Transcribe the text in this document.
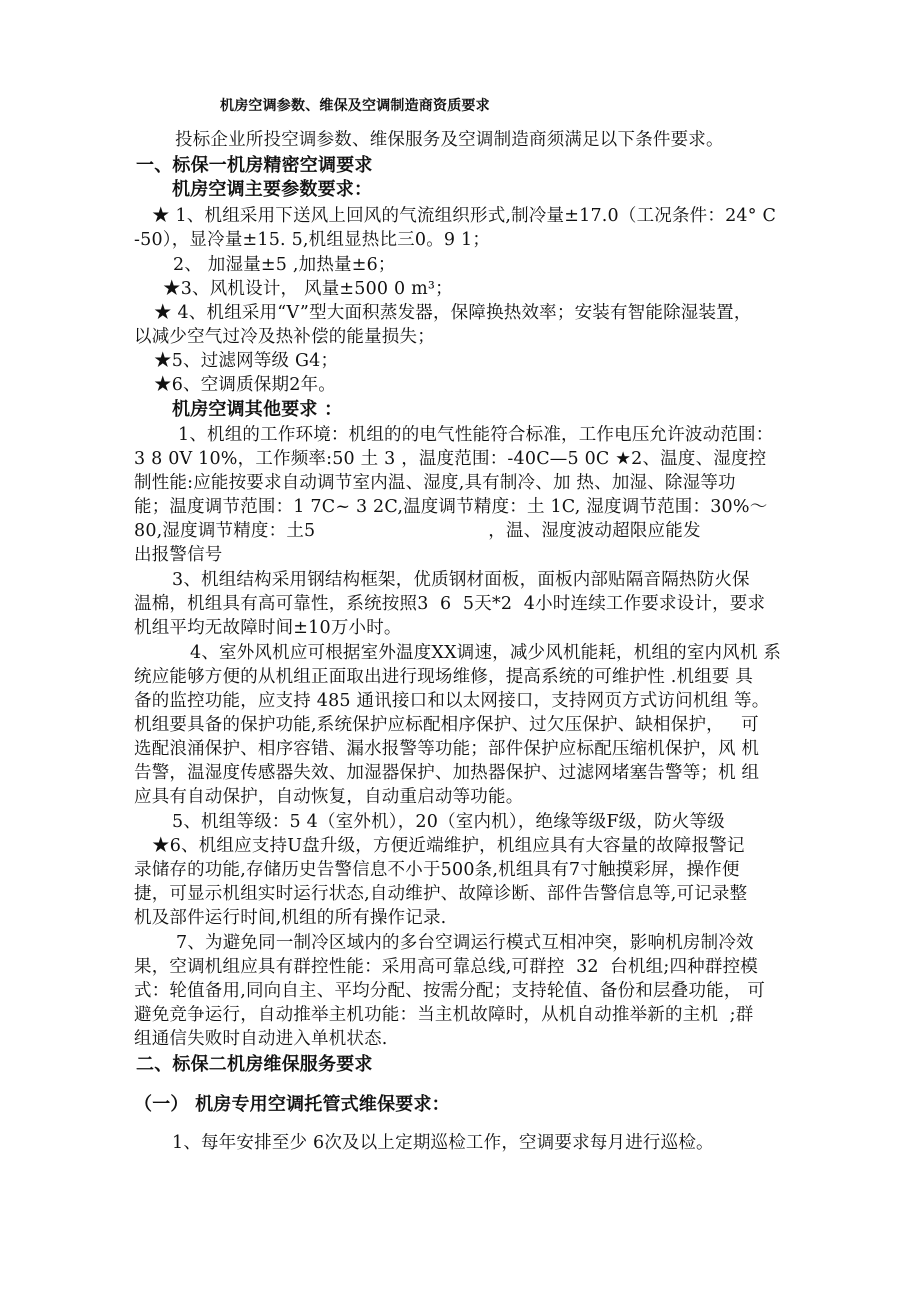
机房空调参数、维保及空调制造商资质要求
投标企业所投空调参数、维保服务及空调制造商须满足以下条件要求。
一、标保一机房精密空调要求
机房空调主要参数要求：
★ 1、机组采用下送风上回风的气流组织形式,制冷量±17.0（工况条件：24° C
-50），显冷量±15. 5,机组显热比三0。9 1；
2、 加湿量±5 ,加热量±6；
★3、风机设计， 风量±500 0 m³；
★ 4、机组采用“V”型大面积蒸发器，保障换热效率；安装有智能除湿装置，
以减少空气过冷及热补偿的能量损失；
★5、过滤网等级 G4；
★6、空调质保期2年。
机房空调其他要求 ：
1、机组的工作环境：机组的的电气性能符合标准，工作电压允许波动范围：
3 8 0V 10%，工作频率:50 土 3 ，温度范围：-40C—5 0C ★2、温度、湿度控
制性能:应能按要求自动调节室内温、湿度,具有制冷、加 热、加湿、除湿等功
能；温度调节范围：1 7C~ 3 2C,温度调节精度：土 1C, 湿度调节范围：30%〜
80,湿度调节精度：土5                              ，温、湿度波动超限应能发
出报警信号
3、机组结构采用钢结构框架，优质钢材面板，面板内部贴隔音隔热防火保
温棉，机组具有高可靠性，系统按照3  6  5天*2  4小时连续工作要求设计，要求
机组平均无故障时间±10万小时。
4、室外风机应可根据室外温度XX调速，减少风机能耗，机组的室内风机 系
统应能够方便的从机组正面取出进行现场维修，提高系统的可维护性 .机组要 具
备的监控功能，应支持 485 通讯接口和以太网接口，支持网页方式访问机组 等。
机组要具备的保护功能,系统保护应标配相序保护、过欠压保护、缺相保护，   可
选配浪涌保护、相序容错、漏水报警等功能；部件保护应标配压缩机保护，风 机
告警，温湿度传感器失效、加湿器保护、加热器保护、过滤网堵塞告警等；机 组
应具有自动保护，自动恢复，自动重启动等功能。
5、机组等级：5 4（室外机），20（室内机），绝缘等级F级，防火等级
★6、机组应支持U盘升级，方便近端维护，机组应具有大容量的故障报警记
录储存的功能,存储历史告警信息不小于500条,机组具有7寸触摸彩屏，操作便
捷，可显示机组实时运行状态,自动维护、故障诊断、部件告警信息等,可记录整
机及部件运行时间,机组的所有操作记录.
7、为避免同一制冷区域内的多台空调运行模式互相冲突，影响机房制冷效
果，空调机组应具有群控性能：采用高可靠总线,可群控  32  台机组;四种群控模
式：轮值备用,同向自主、平均分配、按需分配；支持轮值、备份和层叠功能， 可
避免竞争运行，自动推举主机功能：当主机故障时，从机自动推举新的主机  ;群
组通信失败时自动进入单机状态.
二、标保二机房维保服务要求
（一） 机房专用空调托管式维保要求：
1、每年安排至少 6次及以上定期巡检工作，空调要求每月进行巡检。
